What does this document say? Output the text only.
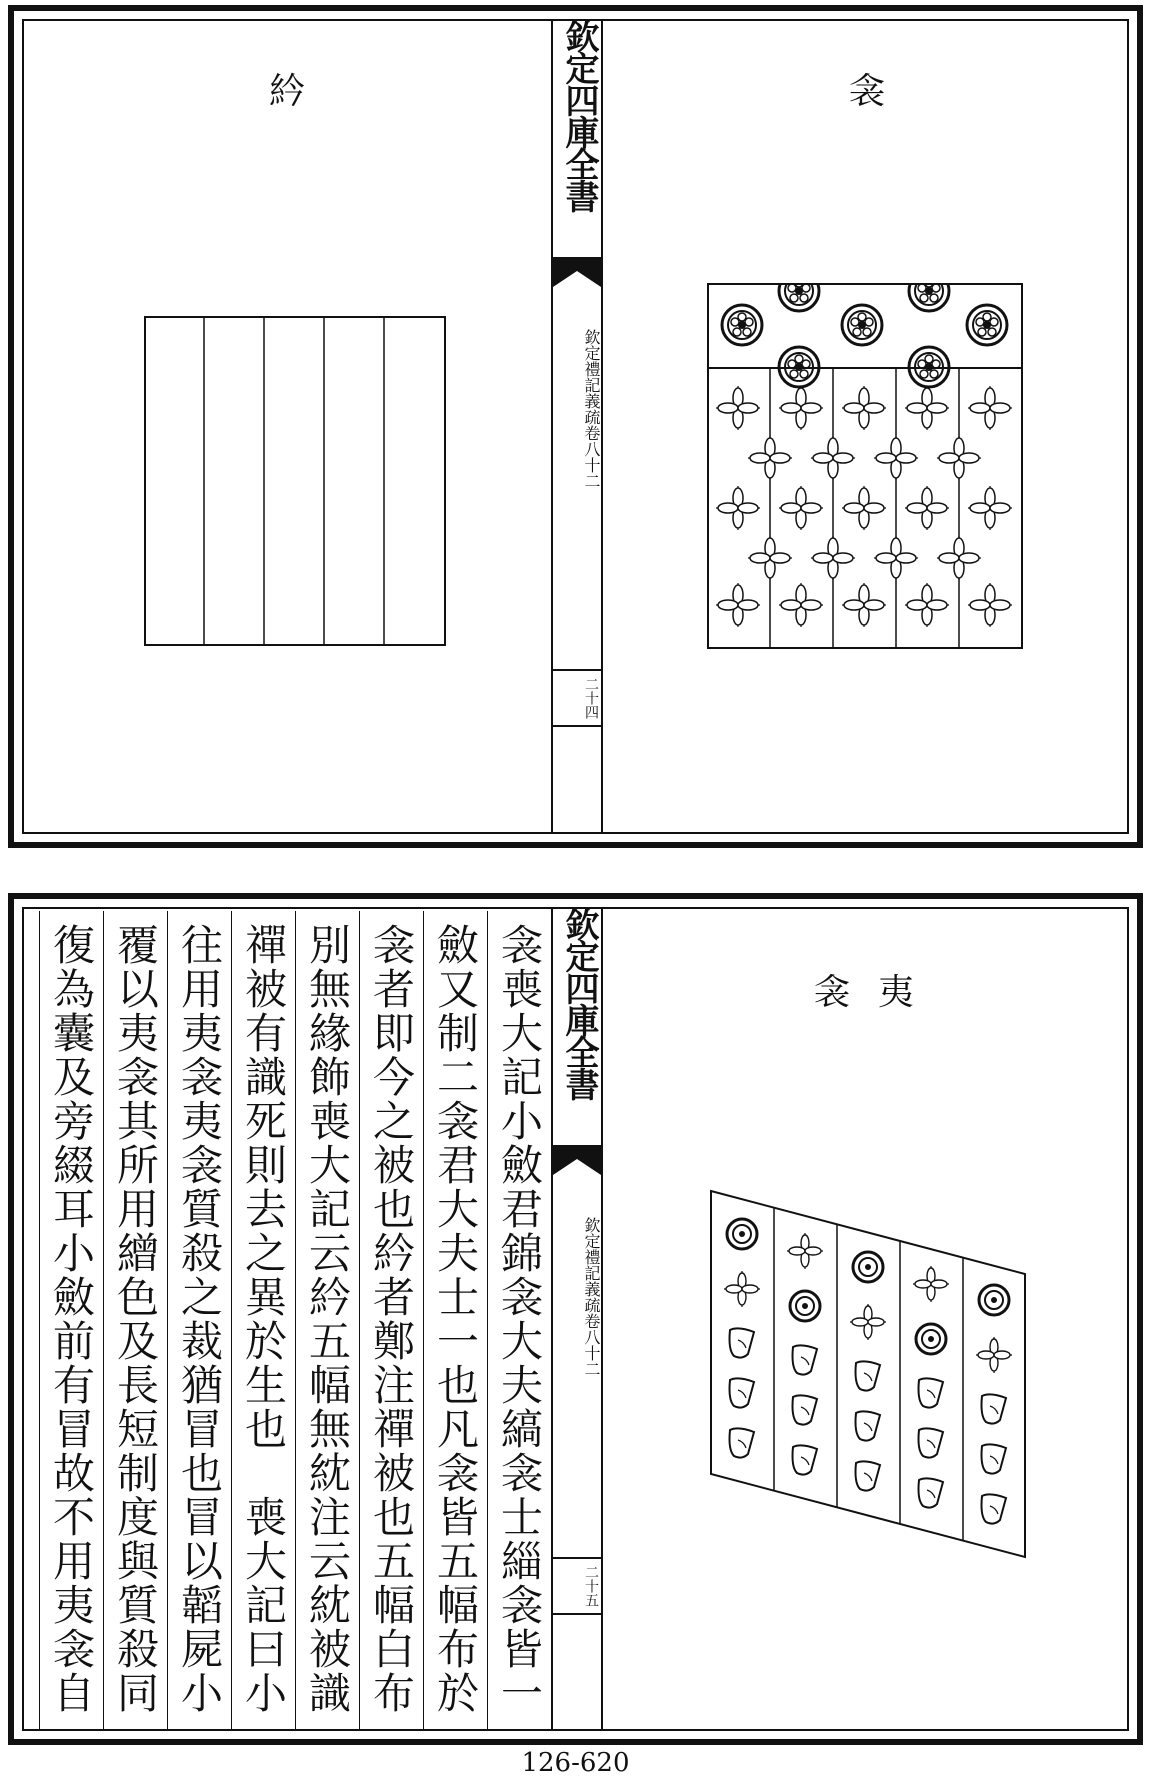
欽定四庫全書
欽定禮記義疏卷八十二
二十四
紟	衾
欽定四庫全書
欽定禮記義疏卷八十二
二十五
衾喪大記小斂君錦衾大夫縞衾士緇衾皆一
斂又制二衾君大夫士一也凡衾皆五幅布於
衾者即今之被也紟者鄭注禪被也五幅白布
別無緣飾喪大記云紟五幅無紞注云紞被識
禪被有識死則去之異於生也　喪大記曰小
往用夷衾夷衾質殺之裁猶冒也冒以韜屍小
覆以夷衾其所用繒色及長短制度與質殺同
復為囊及旁綴耳小斂前有冒故不用夷衾自
衾夷
126-620
